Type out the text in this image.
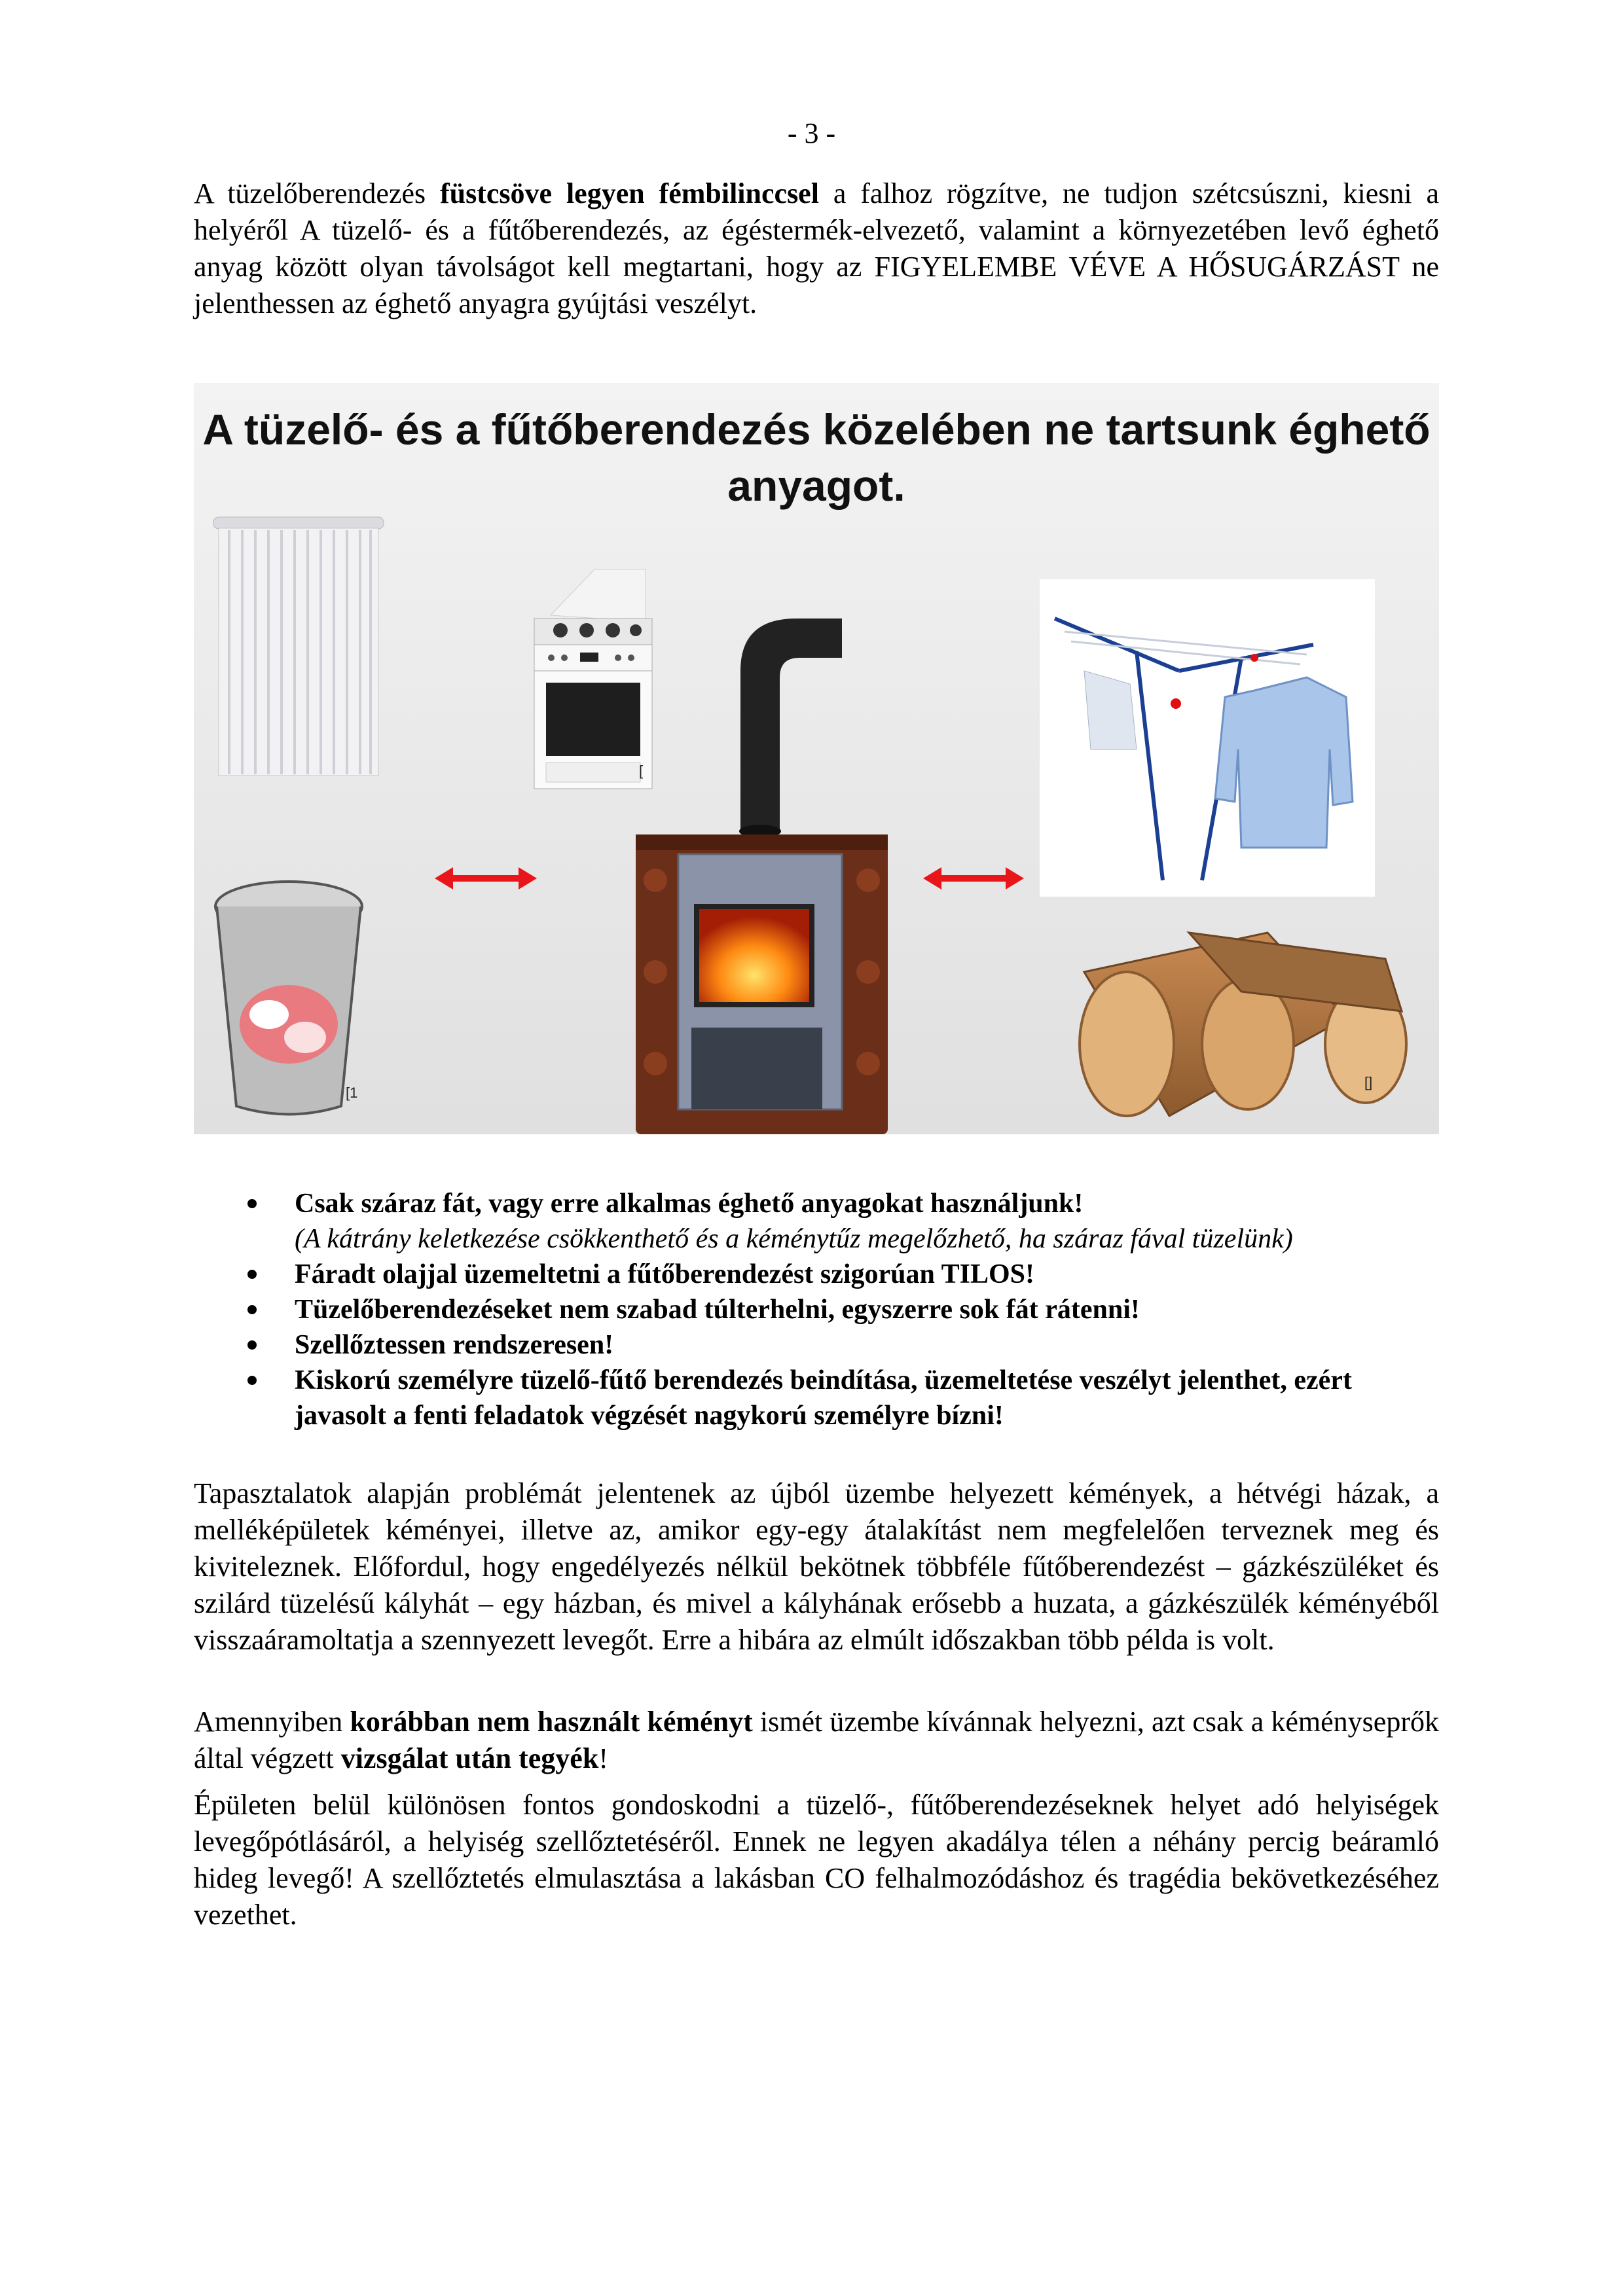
- 3 -

A tüzelőberendezés füstcsöve legyen fémbilinccsel a falhoz rögzítve, ne tudjon szétcsúszni, kiesni a helyéről A tüzelő- és a fűtőberendezés, az égéstermék-elvezető, valamint a környezetében levő éghető anyag között olyan távolságot kell megtartani, hogy az FIGYELEMBE VÉVE A HŐSUGÁRZÁST ne jelenthessen az éghető anyagra gyújtási veszélyt.

A tüzelő- és a fűtőberendezés közelében ne tartsunk éghető
anyagot.
[1
[
[]
Csak száraz fát, vagy erre alkalmas éghető anyagokat használjunk!
(A kátrány keletkezése csökkenthető és a kéménytűz megelőzhető, ha száraz fával tüzelünk)
Fáradt olajjal üzemeltetni a fűtőberendezést szigorúan TILOS!
Tüzelőberendezéseket nem szabad túlterhelni, egyszerre sok fát rátenni!
Szellőztessen rendszeresen!
Kiskorú személyre tüzelő-fűtő berendezés beindítása, üzemeltetése veszélyt jelenthet, ezért javasolt a fenti feladatok végzését nagykorú személyre bízni!

Tapasztalatok alapján problémát jelentenek az újból üzembe helyezett kémények, a hétvégi házak, a melléképületek kéményei, illetve az, amikor egy-egy átalakítást nem megfelelően terveznek meg és kiviteleznek. Előfordul, hogy engedélyezés nélkül bekötnek többféle fűtőberendezést – gázkészüléket és szilárd tüzelésű kályhát – egy házban, és mivel a kályhának erősebb a huzata, a gázkészülék kéményéből visszaáramoltatja a szennyezett levegőt. Erre a hibára az elmúlt időszakban több példa is volt.

Amennyiben korábban nem használt kéményt ismét üzembe kívánnak helyezni, azt csak a kéményseprők által végzett vizsgálat után tegyék!

Épületen belül különösen fontos gondoskodni a tüzelő-, fűtőberendezéseknek helyet adó helyiségek levegőpótlásáról, a helyiség szellőztetéséről. Ennek ne legyen akadálya télen a néhány percig beáramló hideg levegő! A szellőztetés elmulasztása a lakásban CO felhalmozódáshoz és tragédia bekövetkezéséhez vezethet.
